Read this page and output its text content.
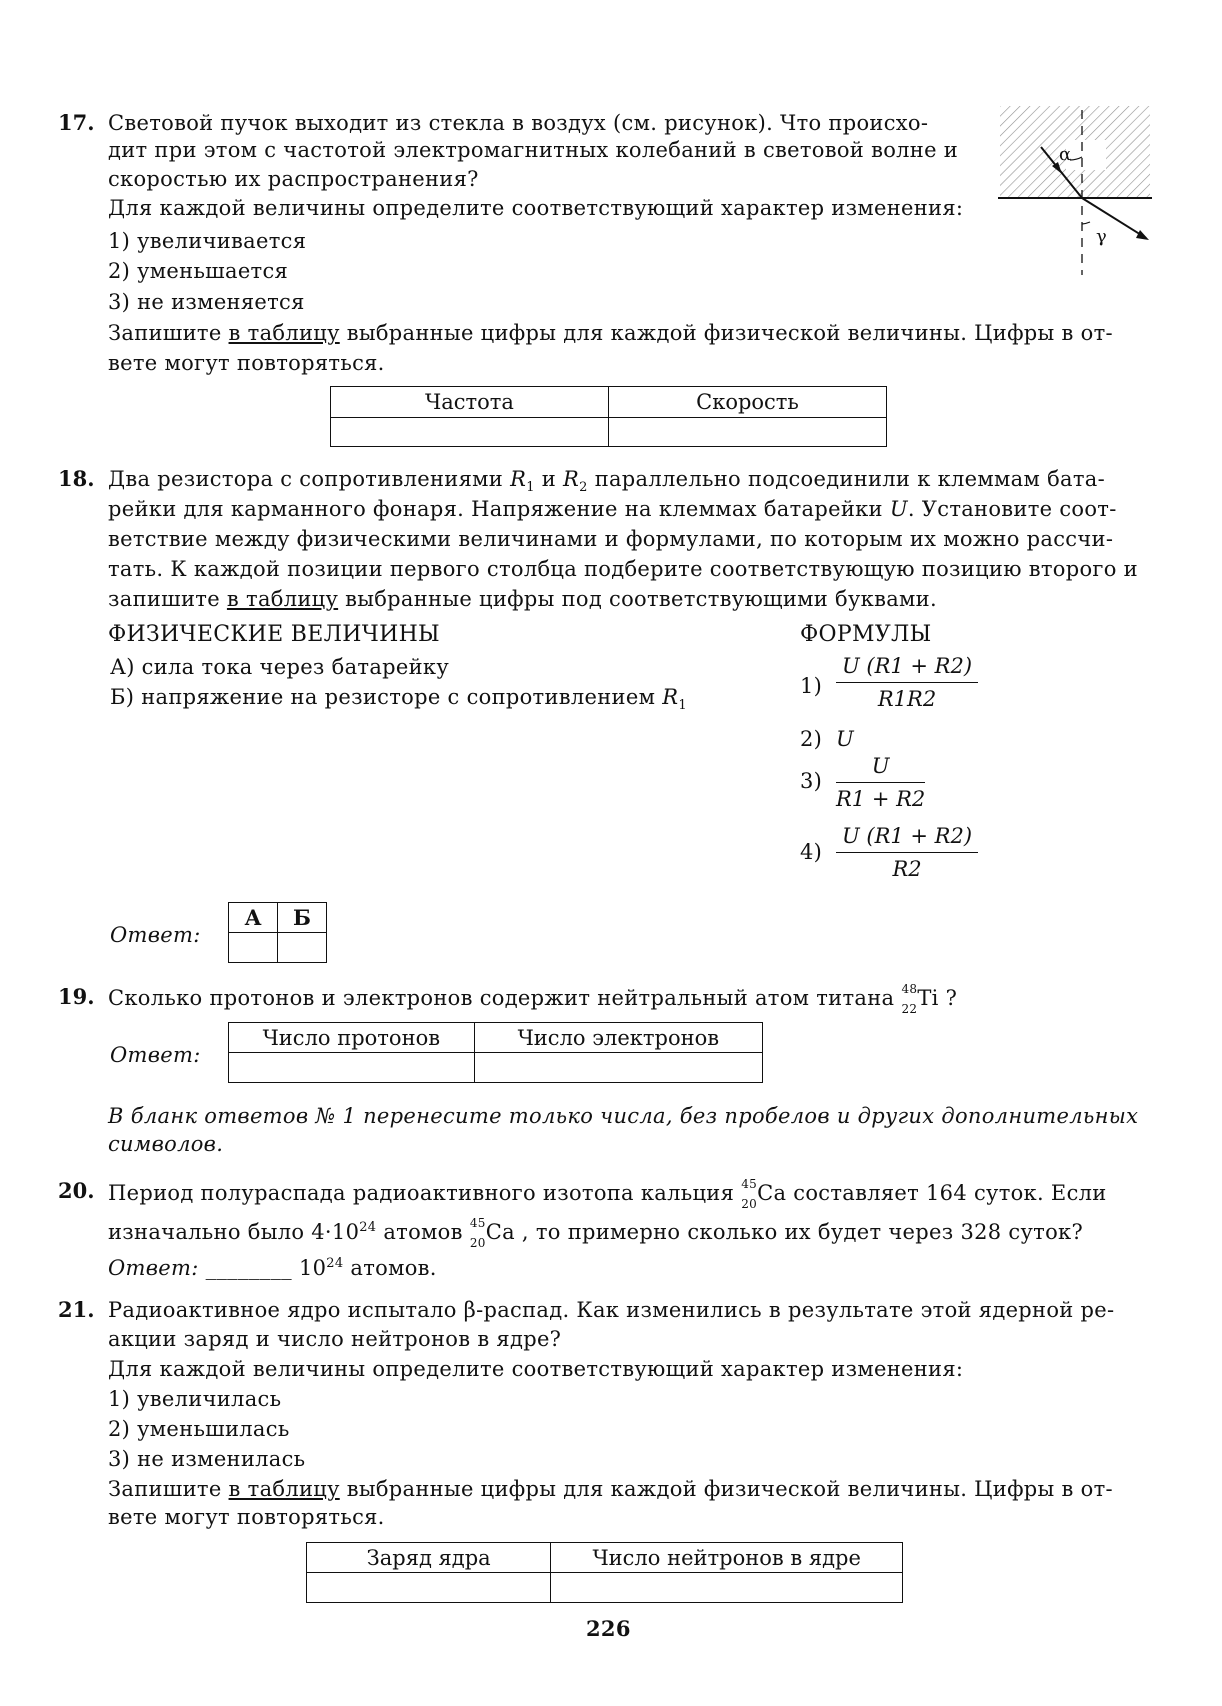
17. Световой пучок выходит из стекла в воздух (см. рисунок). Что происхо-
дит при этом с частотой электромагнитных колебаний в световой волне и
скоростью их распространения?
Для каждой величины определите соответствующий характер изменения:
1) увеличивается
2) уменьшается
3) не изменяется
Запишите в таблицу выбранные цифры для каждой физической величины. Цифры в от-
вете могут повторяться.
α
γ
Частота	Скорость

18. Два резистора с сопротивлениями $R_1$ и $R_2$ параллельно подсоединили к клеммам бата-
рейки для карманного фонаря. Напряжение на клеммах батарейки U. Установите соот-
ветствие между физическими величинами и формулами, по которым их можно рассчи-
тать. К каждой позиции первого столбца подберите соответствующую позицию второго и
запишите в таблицу выбранные цифры под соответствующими буквами.
ФИЗИЧЕСКИЕ ВЕЛИЧИНЫ	ФОРМУЛЫ
А) сила тока через батарейку
Б) напряжение на резисторе с сопротивлением $R_1$
$1) \frac{U (R1 + R2)}{R1R2}$
2) U
$3) \frac{U}{R1 + R2}$
$4) \frac{U (R1 + R2)}{R2}$
Ответ:
А	Б

19. Сколько протонов и электронов содержит нейтральный атом титана 48
22 Ti ?
Ответ:
Число протонов	Число электронов

В бланк ответов № 1 перенесите только числа, без пробелов и других дополнительных
символов.
20. Период полураспада радиоактивного изотопа кальция 45
20 Ca составляет 164 суток. Если
изначально было $4\cdot 10^{24}$ атомов 45
20 Ca , то примерно сколько их будет через 328 суток?
Ответ: ________ $10^{24}$ атомов.
21. Радиоактивное ядро испытало β-распад. Как изменились в результате этой ядерной ре-
акции заряд и число нейтронов в ядре?
Для каждой величины определите соответствующий характер изменения:
1) увеличилась
2) уменьшилась
3) не изменилась
Запишите в таблицу выбранные цифры для каждой физической величины. Цифры в от-
вете могут повторяться.
Заряд ядра	Число нейтронов в ядре

226
